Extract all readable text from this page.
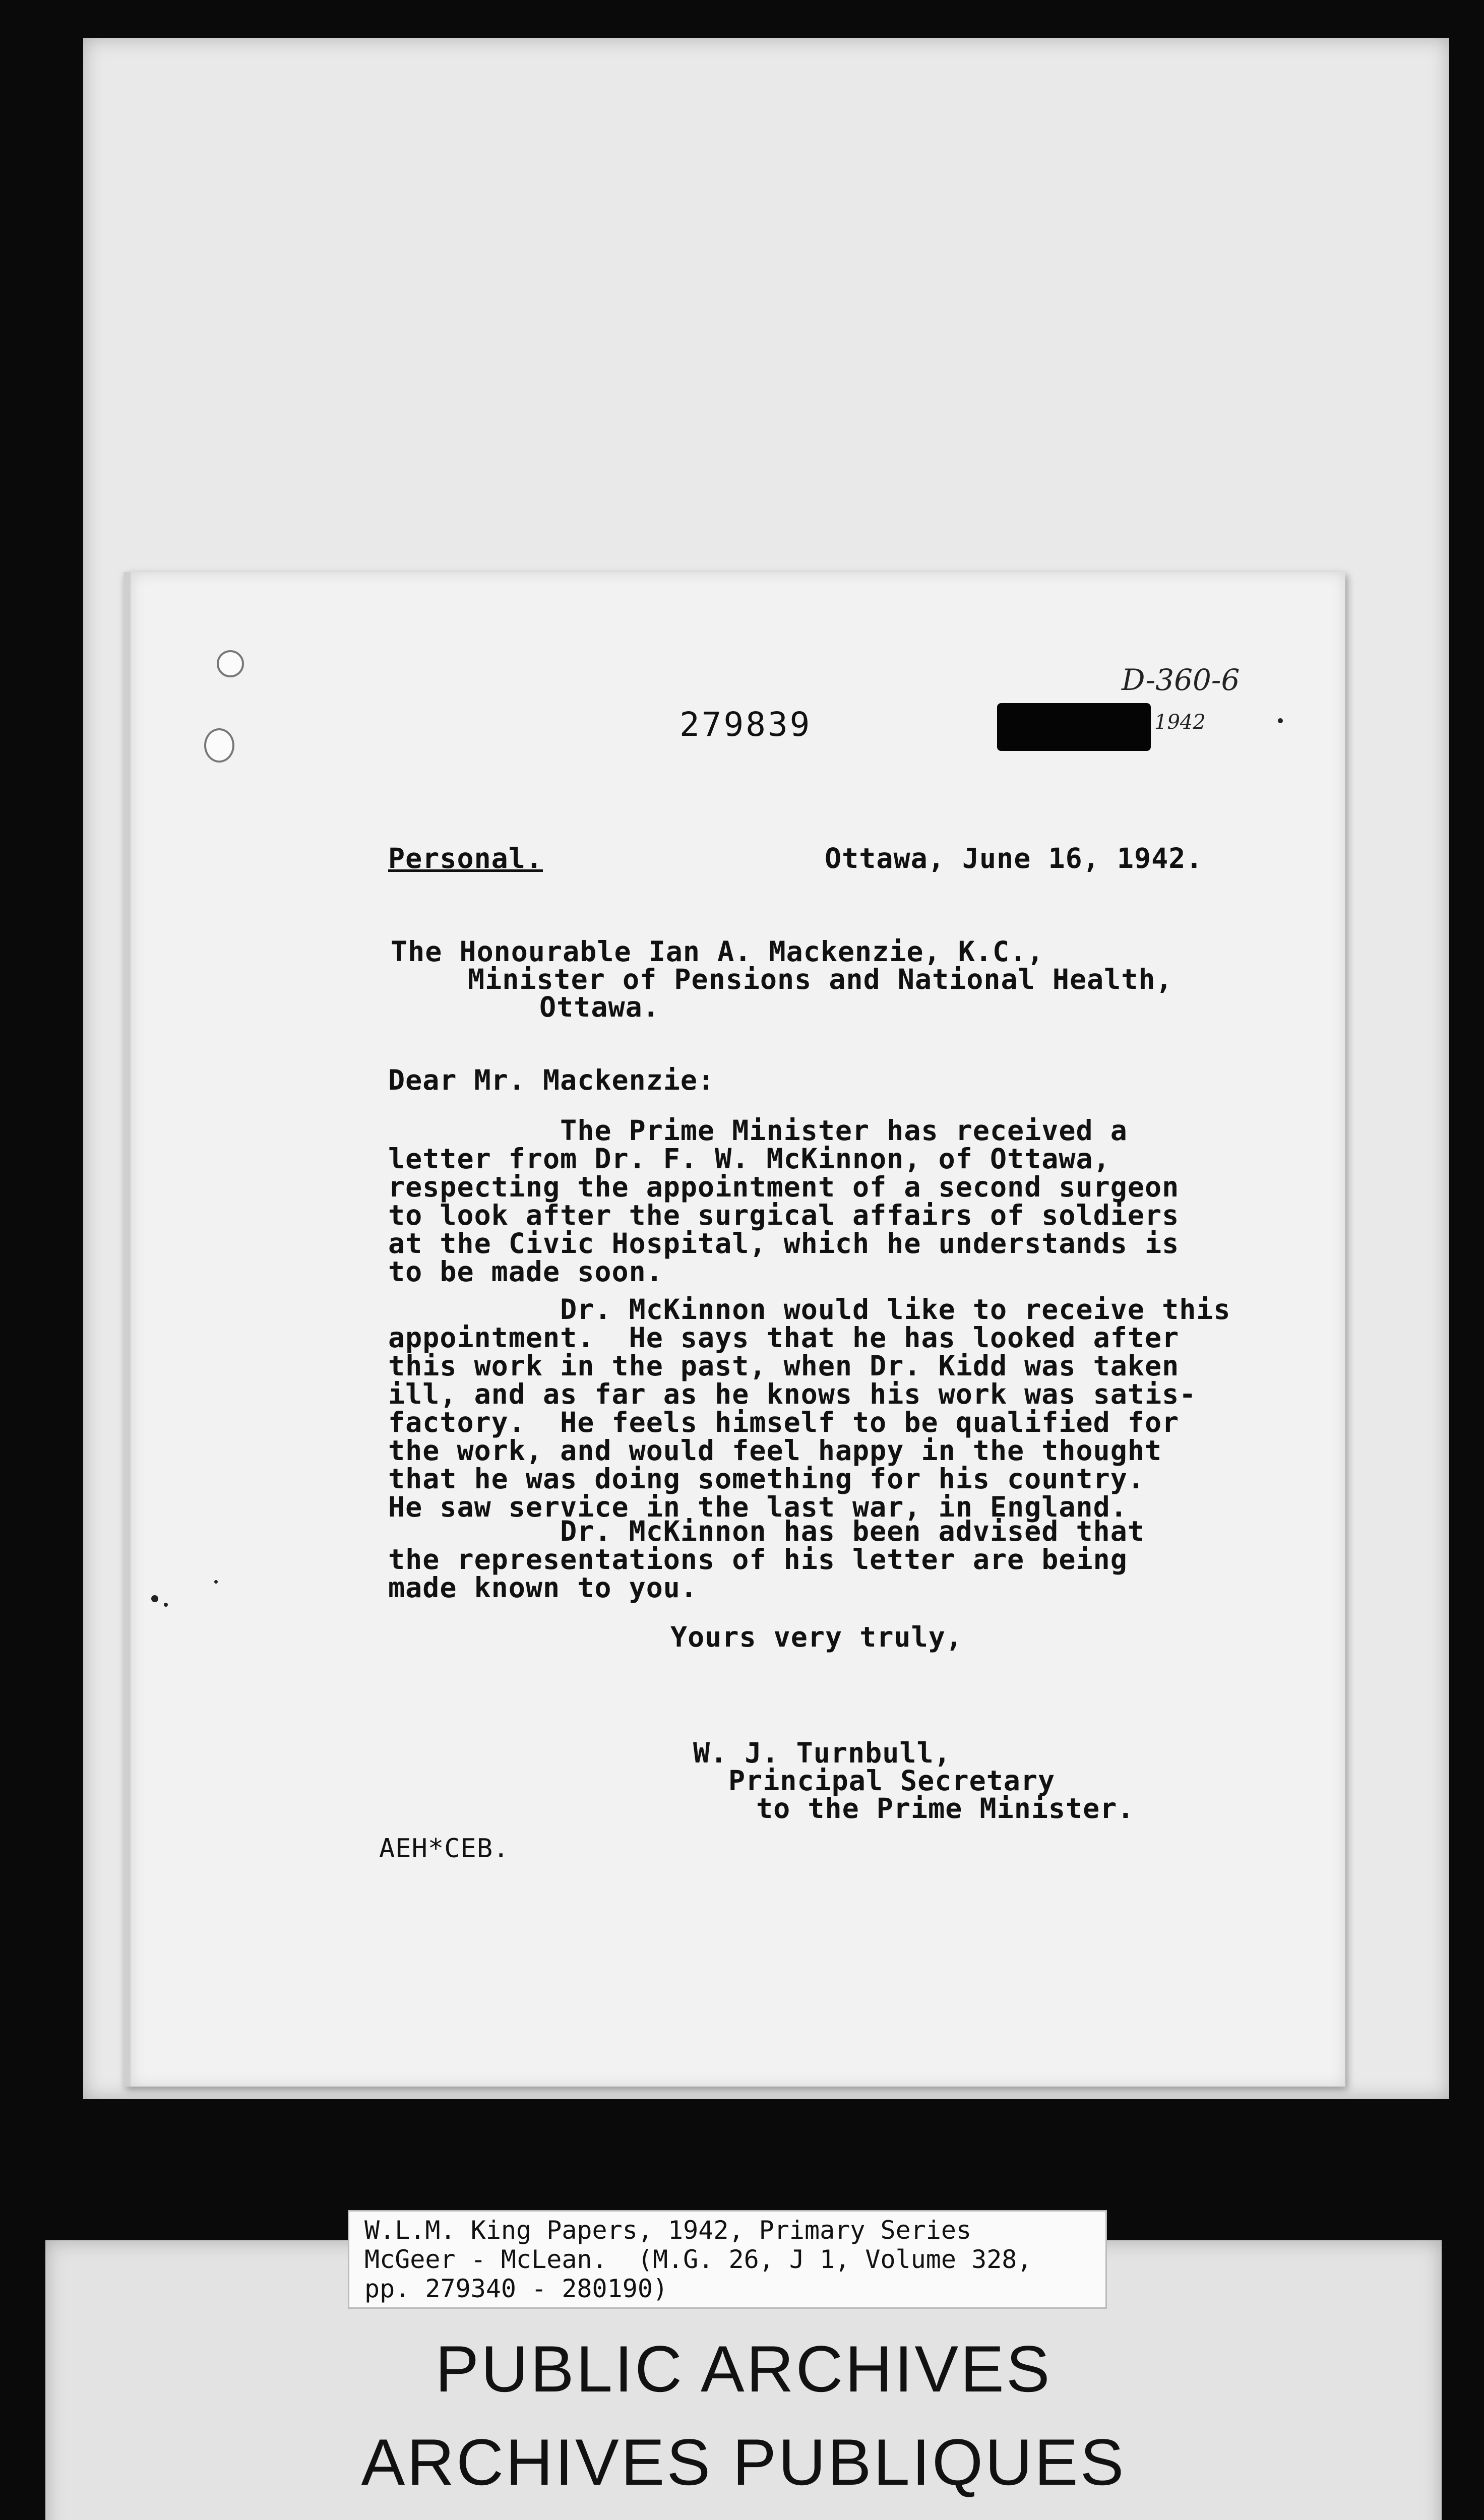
279839
D-360-6
1942
Personal.	Ottawa, June 16, 1942.
The Honourable Ian A. Mackenzie, K.C.,
Minister of Pensions and National Health,
Ottawa.
Dear Mr. Mackenzie:
The Prime Minister has received a
letter from Dr. F. W. McKinnon, of Ottawa,
respecting the appointment of a second surgeon
to look after the surgical affairs of soldiers
at the Civic Hospital, which he understands is
to be made soon.
Dr. McKinnon would like to receive this
appointment.  He says that he has looked after
this work in the past, when Dr. Kidd was taken
ill, and as far as he knows his work was satis-
factory.  He feels himself to be qualified for
the work, and would feel happy in the thought
that he was doing something for his country.
He saw service in the last war, in England.
Dr. McKinnon has been advised that
the representations of his letter are being
made known to you.
Yours very truly,
W. J. Turnbull,
Principal Secretary
to the Prime Minister.
AEH*CEB.
W.L.M. King Papers, 1942, Primary Series
McGeer - McLean.  (M.G. 26, J 1, Volume 328,
pp. 279340 - 280190)
PUBLIC ARCHIVES
ARCHIVES PUBLIQUES
